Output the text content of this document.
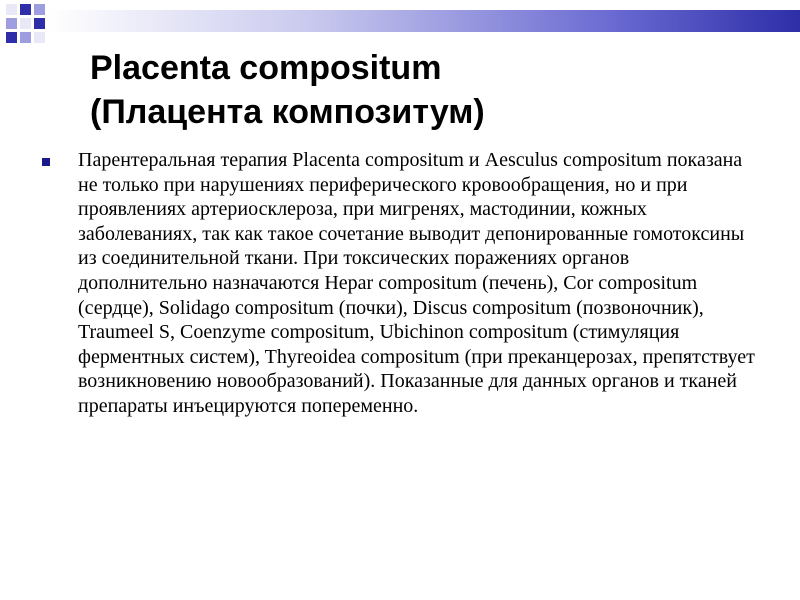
Placenta compositum
(Плацента композитум)

Парентеральная терапия Placenta compositum и Aesculus compositum показана не только при нарушениях периферического кровообращения, но и при проявлениях артериосклероза, при мигренях, мастодинии, кожных заболеваниях, так как такое сочетание выводит депонированные гомотоксины из соединительной ткани. При токсических поражениях органов дополнительно назначаются Hepar compositum (печень), Cor compositum (сердце), Solidago compositum (почки), Discus compositum (позвоночник), Traumeel S, Coenzyme compositum, Ubichinon compositum (стимуляция ферментных систем), Thyreoidea compositum (при преканцерозах, препятствует возникновению новообразований). Показанные для данных органов и тканей препараты инъецируются попеременно.
